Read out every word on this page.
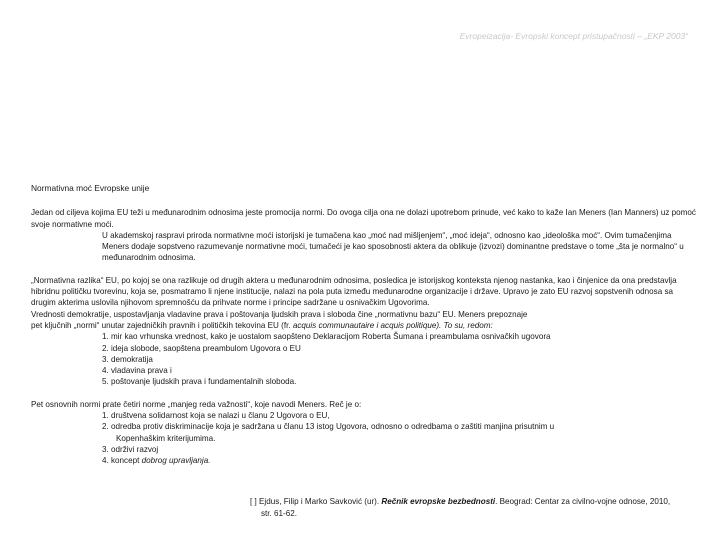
Evropeizacija- Evropski koncept pristupačnosti – „EKP 2003“
Normativna moć Evropske unije

Jedan od ciljeva kojima EU teži u međunarodnim odnosima jeste promocija normi. Do ovoga cilja ona ne dolazi upotrebom prinude, već kako to kaže Ian Meners (Ian Manners) uz pomoć svoje normativne moći.

U akademskoj raspravi priroda normativne moći istorijski je tumačena kao „moć nad mišljenjem“, „moć ideja“, odnosno kao „ideološka moć“. Ovim tumačenjima Meners dodaje sopstveno razumevanje normativne moći, tumačeći je kao sposobnosti aktera da oblikuje (izvozi) dominantne predstave o tome „šta je normalno“ u međunarodnim odnosima.

„Normativna razlika“ EU, po kojoj se ona razlikuje od drugih aktera u međunarodnim odnosima, posledica je istorijskog konteksta njenog nastanka, kao i činjenice da ona predstavlja hibridnu političku tvorevinu, koja se, posmatramo li njene institucije, nalazi na pola puta između međunarodne organizacije i države. Upravo je zato EU razvoj sopstvenih odnosa sa drugim akterima uslovila njihovom spremnošću da prihvate norme i principe sadržane u osnivačkim Ugovorima.

Vrednosti demokratije, uspostavljanja vladavine prava i poštovanja ljudskih prava i sloboda čine „normativnu bazu“ EU. Meners prepoznaje

pet ključnih „normi“ unutar zajedničkih pravnih i političkih tekovina EU (fr. acquis communautaire i acquis politique). To su, redom:

1. mir kao vrhunska vrednost, kako je uostalom saopšteno Deklaracijom Roberta Šumana i preambulama osnivačkih ugovora
2. ideja slobode, saopštena preambulom Ugovora o EU
3. demokratija
4. vladavina prava i
5. poštovanje ljudskih prava i fundamentalnih sloboda.

Pet osnovnih normi prate četiri norme „manjeg reda važnosti“, koje navodi Meners. Reč je o:

1. društvena solidarnost koja se nalazi u članu 2 Ugovora o EU,
2. odredba protiv diskriminacije koja je sadržana u članu 13 istog Ugovora, odnosno o odredbama o zaštiti manjina prisutnim u
Kopenhaškim kriterijumima.
3. održivi razvoj
4. koncept dobrog upravljanja.
[ ] Ejdus, Filip i Marko Savković (ur). Rečnik evropske bezbednosti. Beograd: Centar za civilno-vojne odnose, 2010,
str. 61-62.
